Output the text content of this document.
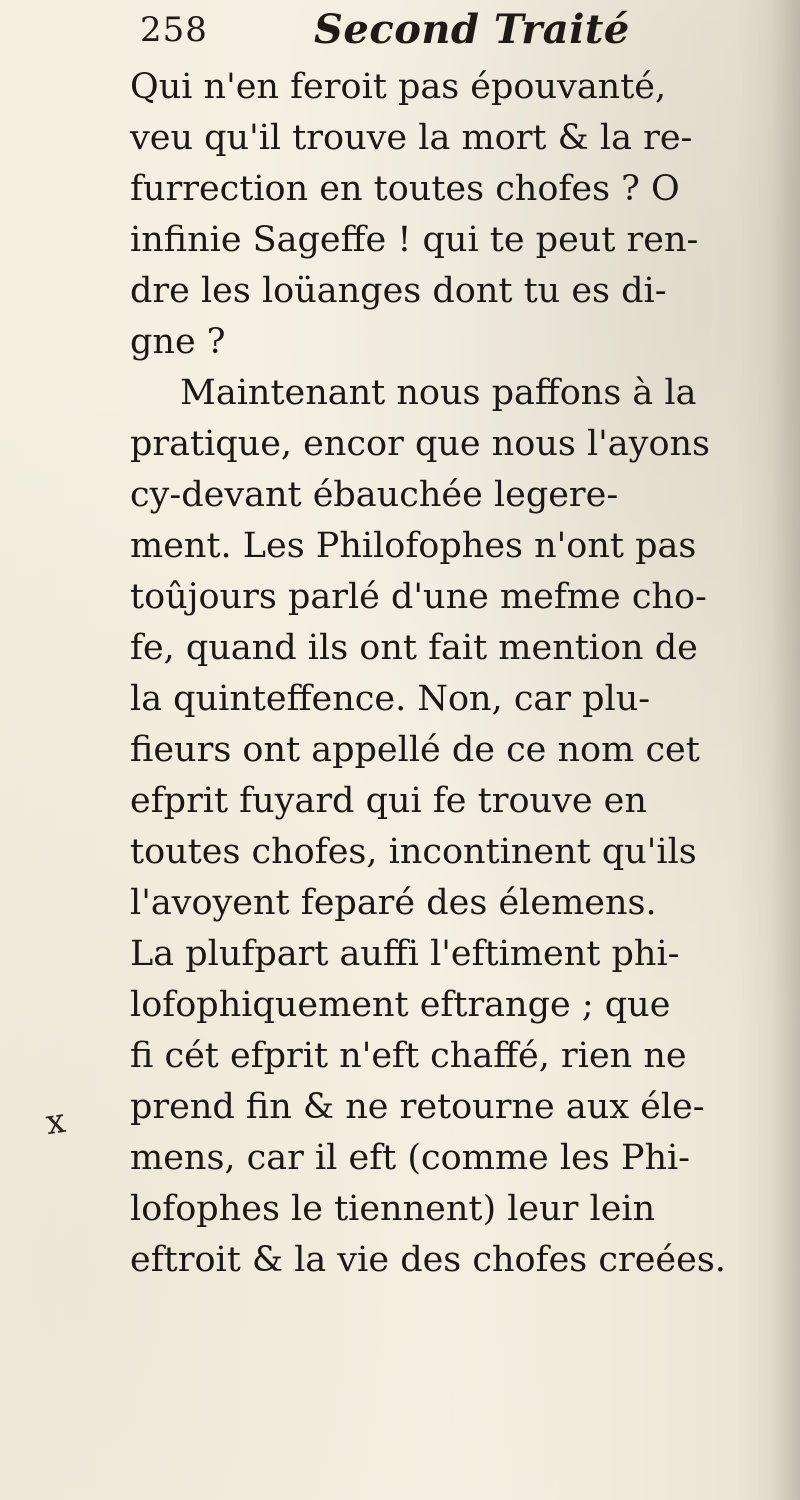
258	Second Traité
Qui n'en feroit pas épouvanté,
veu qu'il trouve la mort & la re-
furrection en toutes chofes ? O
infinie Sageffe ! qui te peut ren-
dre les loüanges dont tu es di-
gne ?
Maintenant nous paffons à la
pratique, encor que nous l'ayons
cy-devant ébauchée legere-
ment. Les Philofophes n'ont pas
toûjours parlé d'une mefme cho-
fe, quand ils ont fait mention de
la quinteffence. Non, car plu-
fieurs ont appellé de ce nom cet
efprit fuyard qui fe trouve en
toutes chofes, incontinent qu'ils
l'avoyent feparé des élemens.
La plufpart auffi l'eftiment phi-
lofophiquement eftrange ; que
fi cét efprit n'eft chaffé, rien ne
prend fin & ne retourne aux éle-
mens, car il eft (comme les Phi-
lofophes le tiennent) leur lein
eftroit & la vie des chofes creées.
x
